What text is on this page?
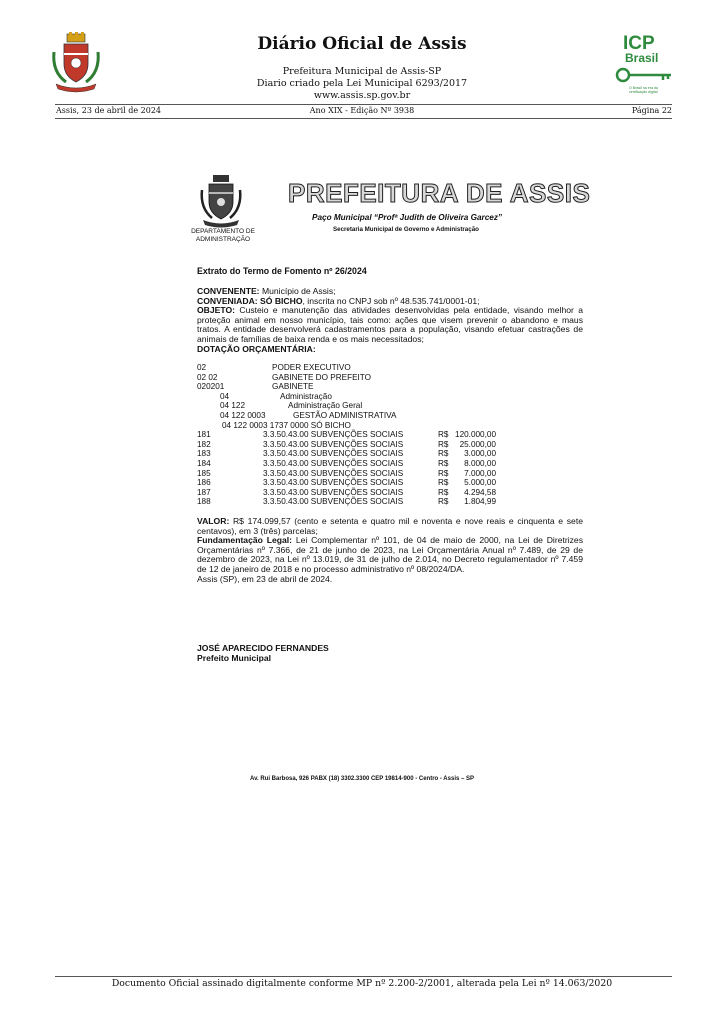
Diário Oficial de Assis
Prefeitura Municipal de Assis-SP
Diario criado pela Lei Municipal 6293/2017
www.assis.sp.gov.br
ICP
Brasil
O Brasil na era da certificação digital
Assis, 23 de abril de 2024	Ano XIX - Edição Nº 3938	Página 22
DEPARTAMENTO DE ADMINISTRAÇÃO
PREFEITURA DE ASSIS
Paço Municipal “Profª Judith de Oliveira Garcez”
Secretaria Municipal de Governo e Administração
Extrato do Termo de Fomento nº 26/2024
CONVENENTE: Município de Assis;
CONVENIADA: SÓ BICHO, inscrita no CNPJ sob nº 48.535.741/0001-01;
OBJETO: Custeio e manutenção das atividades desenvolvidas pela entidade, visando melhor a proteção animal em nosso município, tais como: ações que visem prevenir o abandono e maus tratos. A entidade desenvolverá cadastramentos para a população, visando efetuar castrações de animais de famílias de baixa renda e os mais necessitados;
DOTAÇÃO ORÇAMENTÁRIA:
02	PODER EXECUTIVO
02 02	GABINETE DO PREFEITO
020201	GABINETE
04	Administração
04 122	Administração Geral
04 122 0003	GESTÃO ADMINISTRATIVA
04 122 0003 1737 0000 SÓ BICHO
181	3.3.50.43.00 SUBVENÇÕES SOCIAIS	R$ 120.000,00
182	3.3.50.43.00 SUBVENÇÕES SOCIAIS	R$	25.000,00
183	3.3.50.43.00 SUBVENÇÕES SOCIAIS	R$	3.000,00
184	3.3.50.43.00 SUBVENÇÕES SOCIAIS	R$	8.000,00
185	3.3.50.43.00 SUBVENÇÕES SOCIAIS	R$	7.000,00
186	3.3.50.43.00 SUBVENÇÕES SOCIAIS	R$	5.000,00
187	3.3.50.43.00 SUBVENÇÕES SOCIAIS	R$	4.294,58
188	3.3.50.43.00 SUBVENÇÕES SOCIAIS	R$	1.804,99
VALOR: R$ 174.099,57 (cento e setenta e quatro mil e noventa e nove reais e cinquenta e sete centavos), em 3 (três) parcelas;
Fundamentação Legal: Lei Complementar nº 101, de 04 de maio de 2000, na Lei de Diretrizes Orçamentárias nº 7.366, de 21 de junho de 2023, na Lei Orçamentária Anual nº 7.489, de 29 de dezembro de 2023, na Lei nº 13.019, de 31 de julho de 2.014, no Decreto regulamentador nº 7.459 de 12 de janeiro de 2018 e no processo administrativo nº 08/2024/DA.
Assis (SP), em 23 de abril de 2024.
JOSÉ APARECIDO FERNANDES
Prefeito Municipal
Av. Rui Barbosa, 926 PABX (18) 3302.3300 CEP 19814-900 - Centro - Assis – SP
Documento Oficial assinado digitalmente conforme MP nº 2.200-2/2001, alterada pela Lei nº 14.063/2020
